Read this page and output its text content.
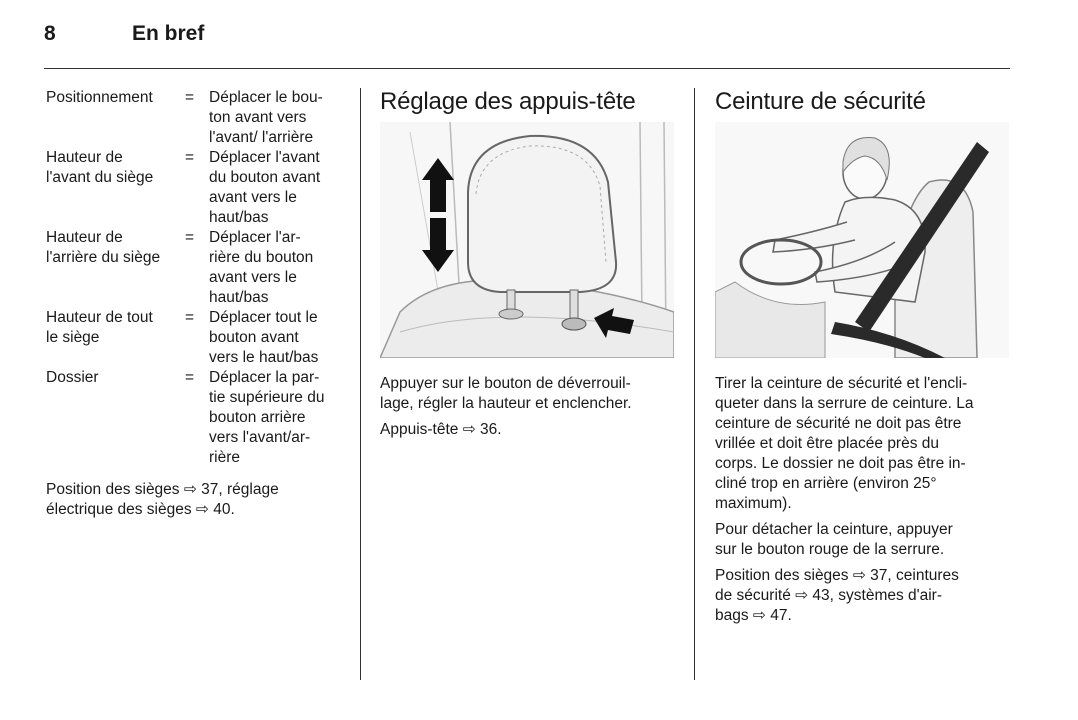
8	En bref
Positionnement	= Déplacer le bou-
ton avant vers
l'avant/ l'arrière
Hauteur de
l'avant du siège
= Déplacer l'avant
du bouton avant
avant vers le
haut/bas
Hauteur de
l'arrière du siège
= Déplacer l'ar-
rière du bouton
avant vers le
haut/bas
Hauteur de tout
le siège
= Déplacer tout le
bouton avant
vers le haut/bas
Dossier	= Déplacer la par-
tie supérieure du
bouton arrière
vers l'avant/ar-
rière

Position des sièges ⇨ 37, réglage
électrique des sièges ⇨ 40.

Réglage des appuis-tête

Appuyer sur le bouton de déverrouil-
lage, régler la hauteur et enclencher.

Appuis-tête ⇨ 36.

Ceinture de sécurité

Tirer la ceinture de sécurité et l'encli-
queter dans la serrure de ceinture. La
ceinture de sécurité ne doit pas être
vrillée et doit être placée près du
corps. Le dossier ne doit pas être in-
cliné trop en arrière (environ 25°
maximum).

Pour détacher la ceinture, appuyer
sur le bouton rouge de la serrure.

Position des sièges ⇨ 37, ceintures
de sécurité ⇨ 43, systèmes d'air-
bags ⇨ 47.
